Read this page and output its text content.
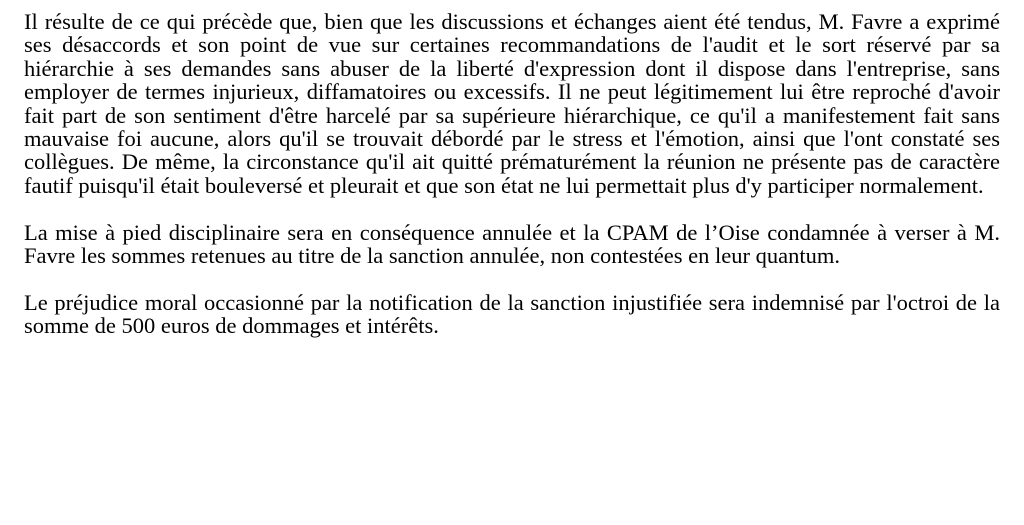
Il résulte de ce qui précède que, bien que les discussions et échanges aient été tendus, M. Favre a exprimé ses désaccords et son point de vue sur certaines recommandations de l'audit et le sort réservé par sa hiérarchie à ses demandes sans abuser de la liberté d'expression dont il dispose dans l'entreprise, sans employer de termes injurieux, diffamatoires ou excessifs. Il ne peut légitimement lui être reproché d'avoir fait part de son sentiment d'être harcelé par sa supérieure hiérarchique, ce qu'il a manifestement fait sans mauvaise foi aucune, alors qu'il se trouvait débordé par le stress et l'émotion, ainsi que l'ont constaté ses collègues. De même, la circonstance qu'il ait quitté prématurément la réunion ne présente pas de caractère fautif puisqu'il était bouleversé et pleurait et que son état ne lui permettait plus d'y participer normalement.

La mise à pied disciplinaire sera en conséquence annulée et la CPAM de l’Oise condamnée à verser à M. Favre les sommes retenues au titre de la sanction annulée, non contestées en leur quantum.

Le préjudice moral occasionné par la notification de la sanction injustifiée sera indemnisé par l'octroi de la somme de 500 euros de dommages et intérêts.
